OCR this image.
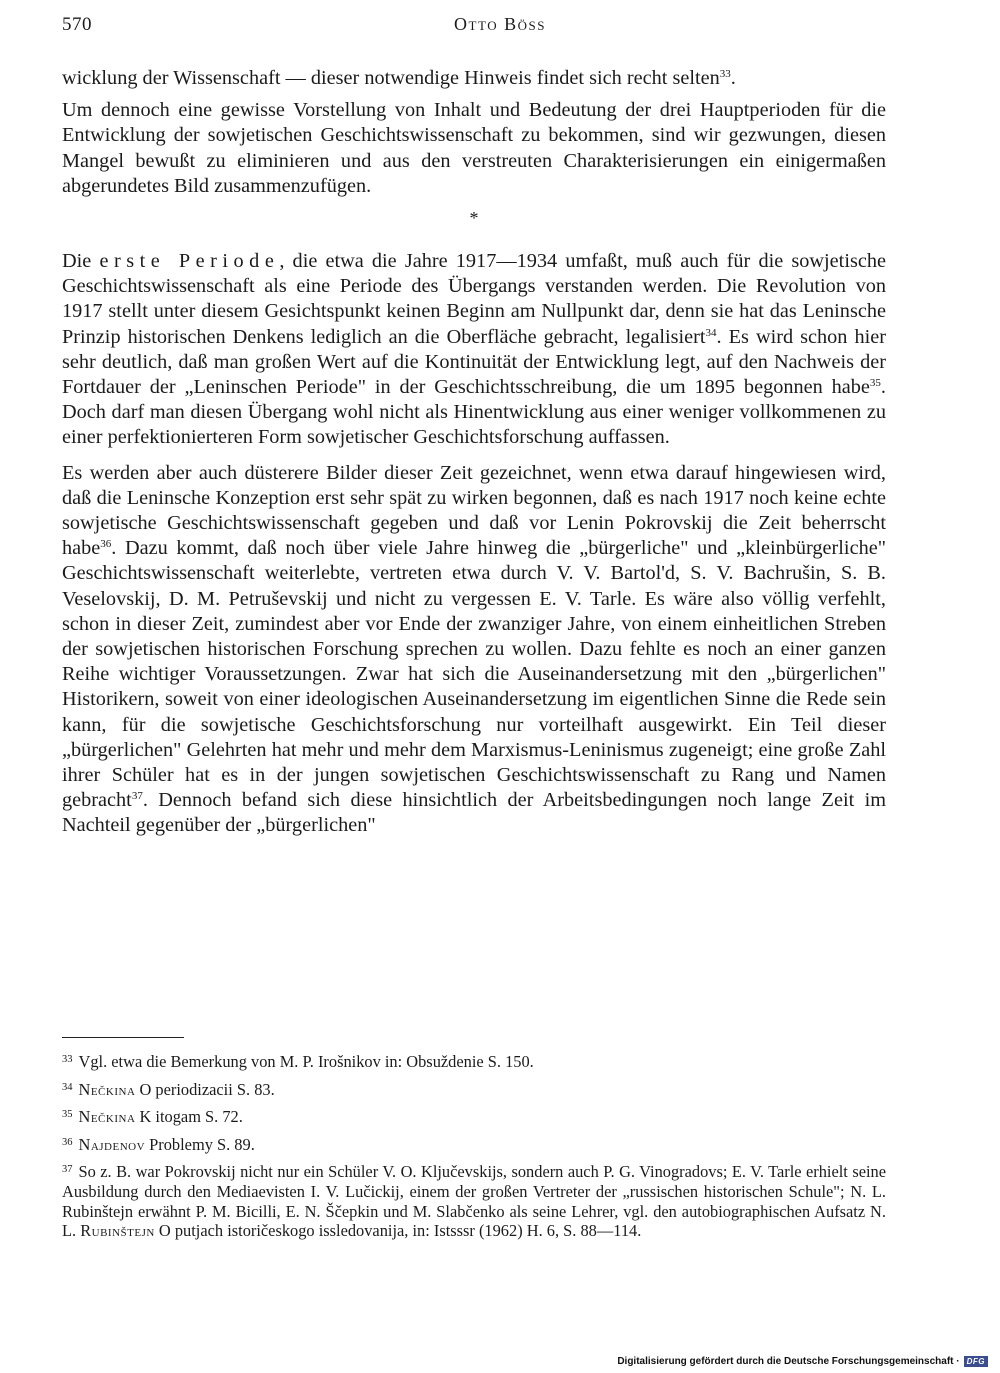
570	Otto Böss

wicklung der Wissenschaft — dieser notwendige Hinweis findet sich recht selten$^{33}$.

Um dennoch eine gewisse Vorstellung von Inhalt und Bedeutung der drei Hauptperioden für die Entwicklung der sowjetischen Geschichtswissenschaft zu bekommen, sind wir gezwungen, diesen Mangel bewußt zu eliminieren und aus den verstreuten Charakterisierungen ein einigermaßen abgerundetes Bild zusammenzufügen.

*

Die erste Periode, die etwa die Jahre 1917—1934 umfaßt, muß auch für die sowjetische Geschichtswissenschaft als eine Periode des Übergangs verstanden werden. Die Revolution von 1917 stellt unter diesem Gesichtspunkt keinen Beginn am Nullpunkt dar, denn sie hat das Leninsche Prinzip historischen Denkens lediglich an die Oberfläche gebracht, legalisiert$^{34}$. Es wird schon hier sehr deutlich, daß man großen Wert auf die Kontinuität der Entwicklung legt, auf den Nachweis der Fortdauer der „Leninschen Periode" in der Geschichtsschreibung, die um 1895 begonnen habe$^{35}$. Doch darf man diesen Übergang wohl nicht als Hinentwicklung aus einer weniger vollkommenen zu einer perfektionierteren Form sowjetischer Geschichtsforschung auffassen.

Es werden aber auch düsterere Bilder dieser Zeit gezeichnet, wenn etwa darauf hingewiesen wird, daß die Leninsche Konzeption erst sehr spät zu wirken begonnen, daß es nach 1917 noch keine echte sowjetische Geschichtswissenschaft gegeben und daß vor Lenin Pokrovskij die Zeit beherrscht habe$^{36}$. Dazu kommt, daß noch über viele Jahre hinweg die „bürgerliche" und „kleinbürgerliche" Geschichtswissenschaft weiterlebte, vertreten etwa durch V. V. Bartol'd, S. V. Bachrušin, S. B. Veselovskij, D. M. Petruševskij und nicht zu vergessen E. V. Tarle. Es wäre also völlig verfehlt, schon in dieser Zeit, zumindest aber vor Ende der zwanziger Jahre, von einem einheitlichen Streben der sowjetischen historischen Forschung sprechen zu wollen. Dazu fehlte es noch an einer ganzen Reihe wichtiger Voraussetzungen. Zwar hat sich die Auseinandersetzung mit den „bürgerlichen" Historikern, soweit von einer ideologischen Auseinandersetzung im eigentlichen Sinne die Rede sein kann, für die sowjetische Geschichtsforschung nur vorteilhaft ausgewirkt. Ein Teil dieser „bürgerlichen" Gelehrten hat mehr und mehr dem Marxismus-Leninismus zugeneigt; eine große Zahl ihrer Schüler hat es in der jungen sowjetischen Geschichtswissenschaft zu Rang und Namen gebracht$^{37}$. Dennoch befand sich diese hinsichtlich der Arbeitsbedingungen noch lange Zeit im Nachteil gegenüber der „bürgerlichen"

$^{33}$ Vgl. etwa die Bemerkung von M. P. Irošnikov in: Obsuždenie S. 150.
$^{34}$ Nečkina O periodizacii S. 83.
$^{35}$ Nečkina K itogam S. 72.
$^{36}$ Najdenov Problemy S. 89.
$^{37}$ So z. B. war Pokrovskij nicht nur ein Schüler V. O. Ključevskijs, sondern auch P. G. Vinogradovs; E. V. Tarle erhielt seine Ausbildung durch den Mediaevisten I. V. Lučickij, einem der großen Vertreter der „russischen historischen Schule"; N. L. Rubinštejn erwähnt P. M. Bicilli, E. N. Ščepkin und M. Slabčenko als seine Lehrer, vgl. den autobiographischen Aufsatz N. L. Rubinštejn O putjach istoričeskogo issledovanija, in: Istsssr (1962) H. 6, S. 88—114.
Digitalisierung gefördert durch die Deutsche Forschungsgemeinschaft · DFG
